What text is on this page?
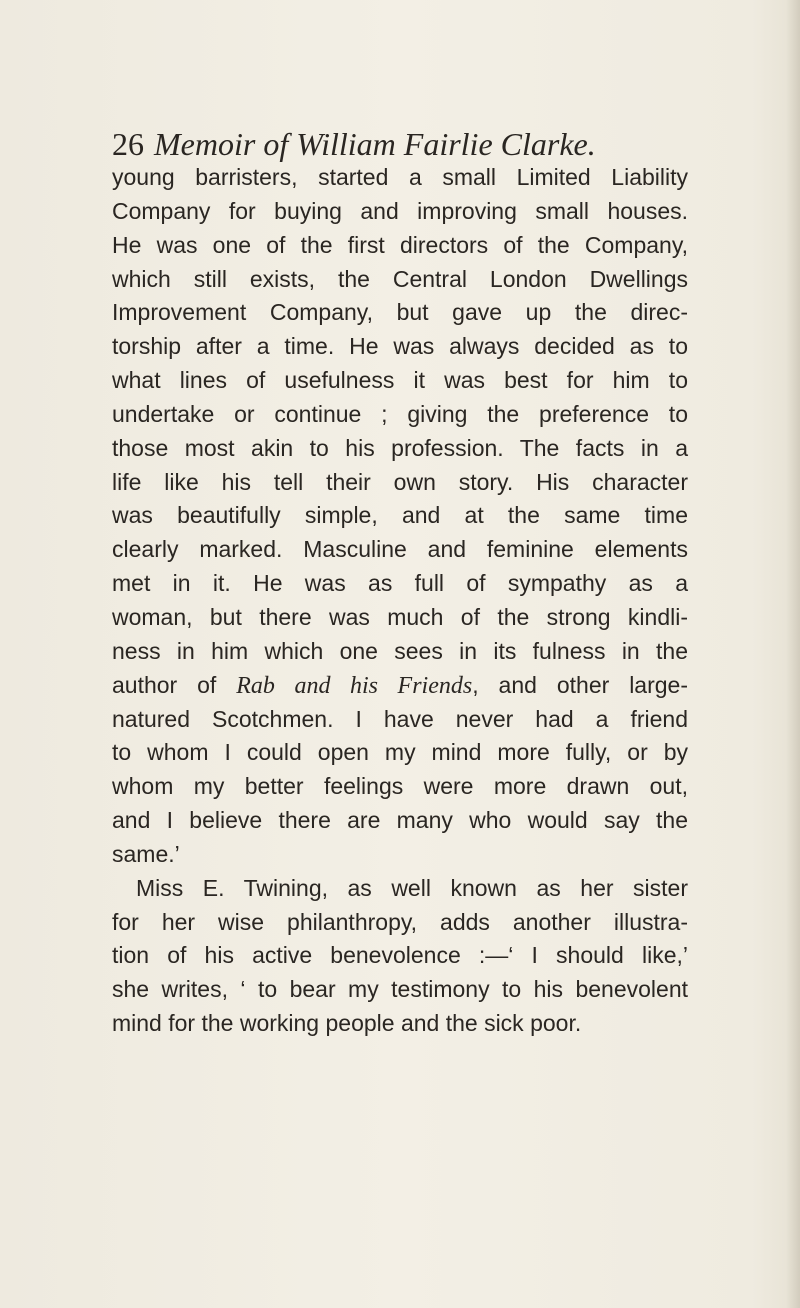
26 Memoir of William Fairlie Clarke.
young barristers, started a small Limited Liability
Company for buying and improving small houses.
He was one of the first directors of the Company,
which still exists, the Central London Dwellings
Improvement Company, but gave up the direc-
torship after a time. He was always decided as to
what lines of usefulness it was best for him to
undertake or continue ; giving the preference to
those most akin to his profession. The facts in a
life like his tell their own story. His character
was beautifully simple, and at the same time
clearly marked. Masculine and feminine elements
met in it. He was as full of sympathy as a
woman, but there was much of the strong kindli-
ness in him which one sees in its fulness in the
author of Rab and his Friends, and other large-
natured Scotchmen. I have never had a friend
to whom I could open my mind more fully, or by
whom my better feelings were more drawn out,
and I believe there are many who would say the
same.’
Miss E. Twining, as well known as her sister
for her wise philanthropy, adds another illustra-
tion of his active benevolence :—‘ I should like,’
she writes, ‘ to bear my testimony to his benevolent
mind for the working people and the sick poor.
